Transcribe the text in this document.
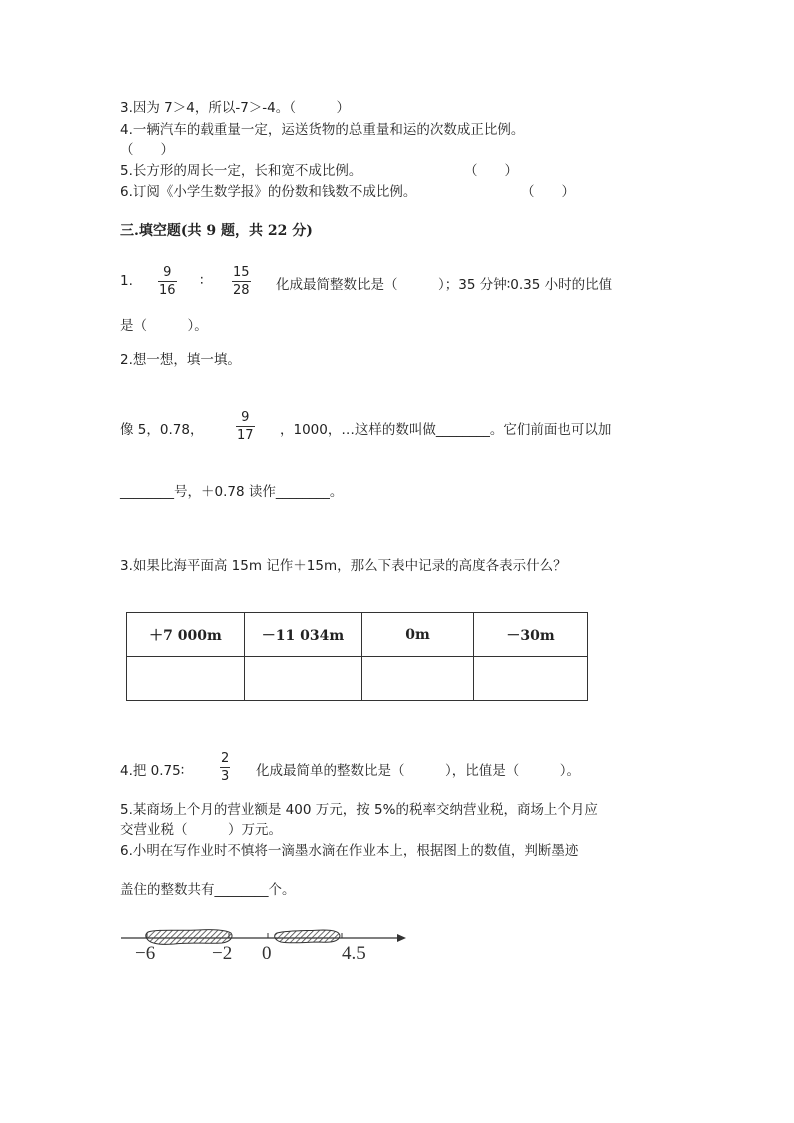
3.因为 7＞4，所以-7＞-4。（　　　）
4.一辆汽车的载重量一定，运送货物的总重量和运的次数成正比例。
（　　）
5.长方形的周长一定，长和宽不成比例。	（　　）
6.订阅《小学生数学报》的份数和钱数不成比例。	（　　）
三.填空题(共 9 题，共 22 分)
1.
9
16
∶
15
28 化成最简整数比是（　　　）；35 分钟∶0.35 小时的比值
是（　　　）。
2.想一想，填一填。
像 5，0.78，
9
17 ，1000，…这样的数叫做________。它们前面也可以加
________号，＋0.78 读作________。
3.如果比海平面高 15m 记作＋15m，那么下表中记录的高度各表示什么？
＋7 000m	－11 034m	0m	－30m

4.把 0.75∶
2
3 化成最简单的整数比是（　　　），比值是（　　　）。
5.某商场上个月的营业额是 400 万元，按 5%的税率交纳营业税，商场上个月应
交营业税（　　　）万元。
6.小明在写作业时不慎将一滴墨水滴在作业本上，根据图上的数值，判断墨迹
盖住的整数共有________个。
−6	−2 0	4.5
